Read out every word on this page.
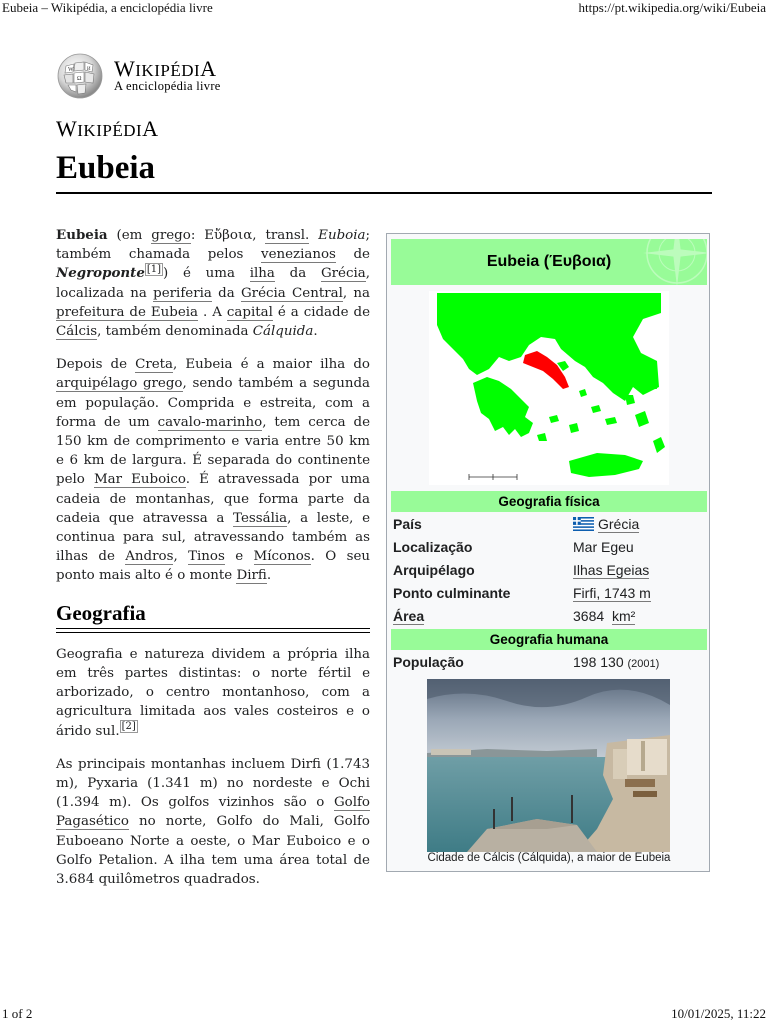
Eubeia – Wikipédia, a enciclopédia livre	https://pt.wikipedia.org/wiki/Eubeia
W
Ω
И WIKIPÉDIA
A enciclopédia livre
WIKIPÉDIA
Eubeia

Eubeia (em grego: Εὔβοια, transl. Euboia; também chamada pelos venezianos de Negroponte [1] ) é uma ilha da Grécia, localizada na periferia da Grécia Central, na prefeitura de Eubeia . A capital é a cidade de Cálcis, também denominada Cálquida.

Depois de Creta, Eubeia é a maior ilha do arquipélago grego, sendo também a segunda em população. Comprida e estreita, com a forma de um cavalo-marinho, tem cerca de 150 km de comprimento e varia entre 50 km e 6 km de largura. É separada do continente pelo Mar Euboico. É atravessada por uma cadeia de montanhas, que forma parte da cadeia que atravessa a Tessália, a leste, e continua para sul, atravessando também as ilhas de Andros, Tinos e Míconos. O seu ponto mais alto é o monte Dirfi.

Geografia

Geografia e natureza dividem a própria ilha em três partes distintas: o norte fértil e arborizado, o centro montanhoso, com a agricultura limitada aos vales costeiros e o árido sul. [2]

As principais montanhas incluem Dirfi (1.743 m), Pyxaria (1.341 m) no nordeste e Ochi (1.394 m). Os golfos vizinhos são o Golfo Pagasético no norte, Golfo do Mali, Golfo Euboeano Norte a oeste, o Mar Euboico e o Golfo Petalion. A ilha tem uma área total de 3.684 quilômetros quadrados.

Eubeia (Έυβοια)
Geografia física
País	Grécia
Localização	Mar Egeu
Arquipélago	Ilhas Egeias
Ponto culminante	Firfi, 1743 m
Área	3684 km²
Geografia humana
População	198 130 (2001)
Cidade de Cálcis (Cálquida), a maior de Eubeia
1 of 2	10/01/2025, 11:22
